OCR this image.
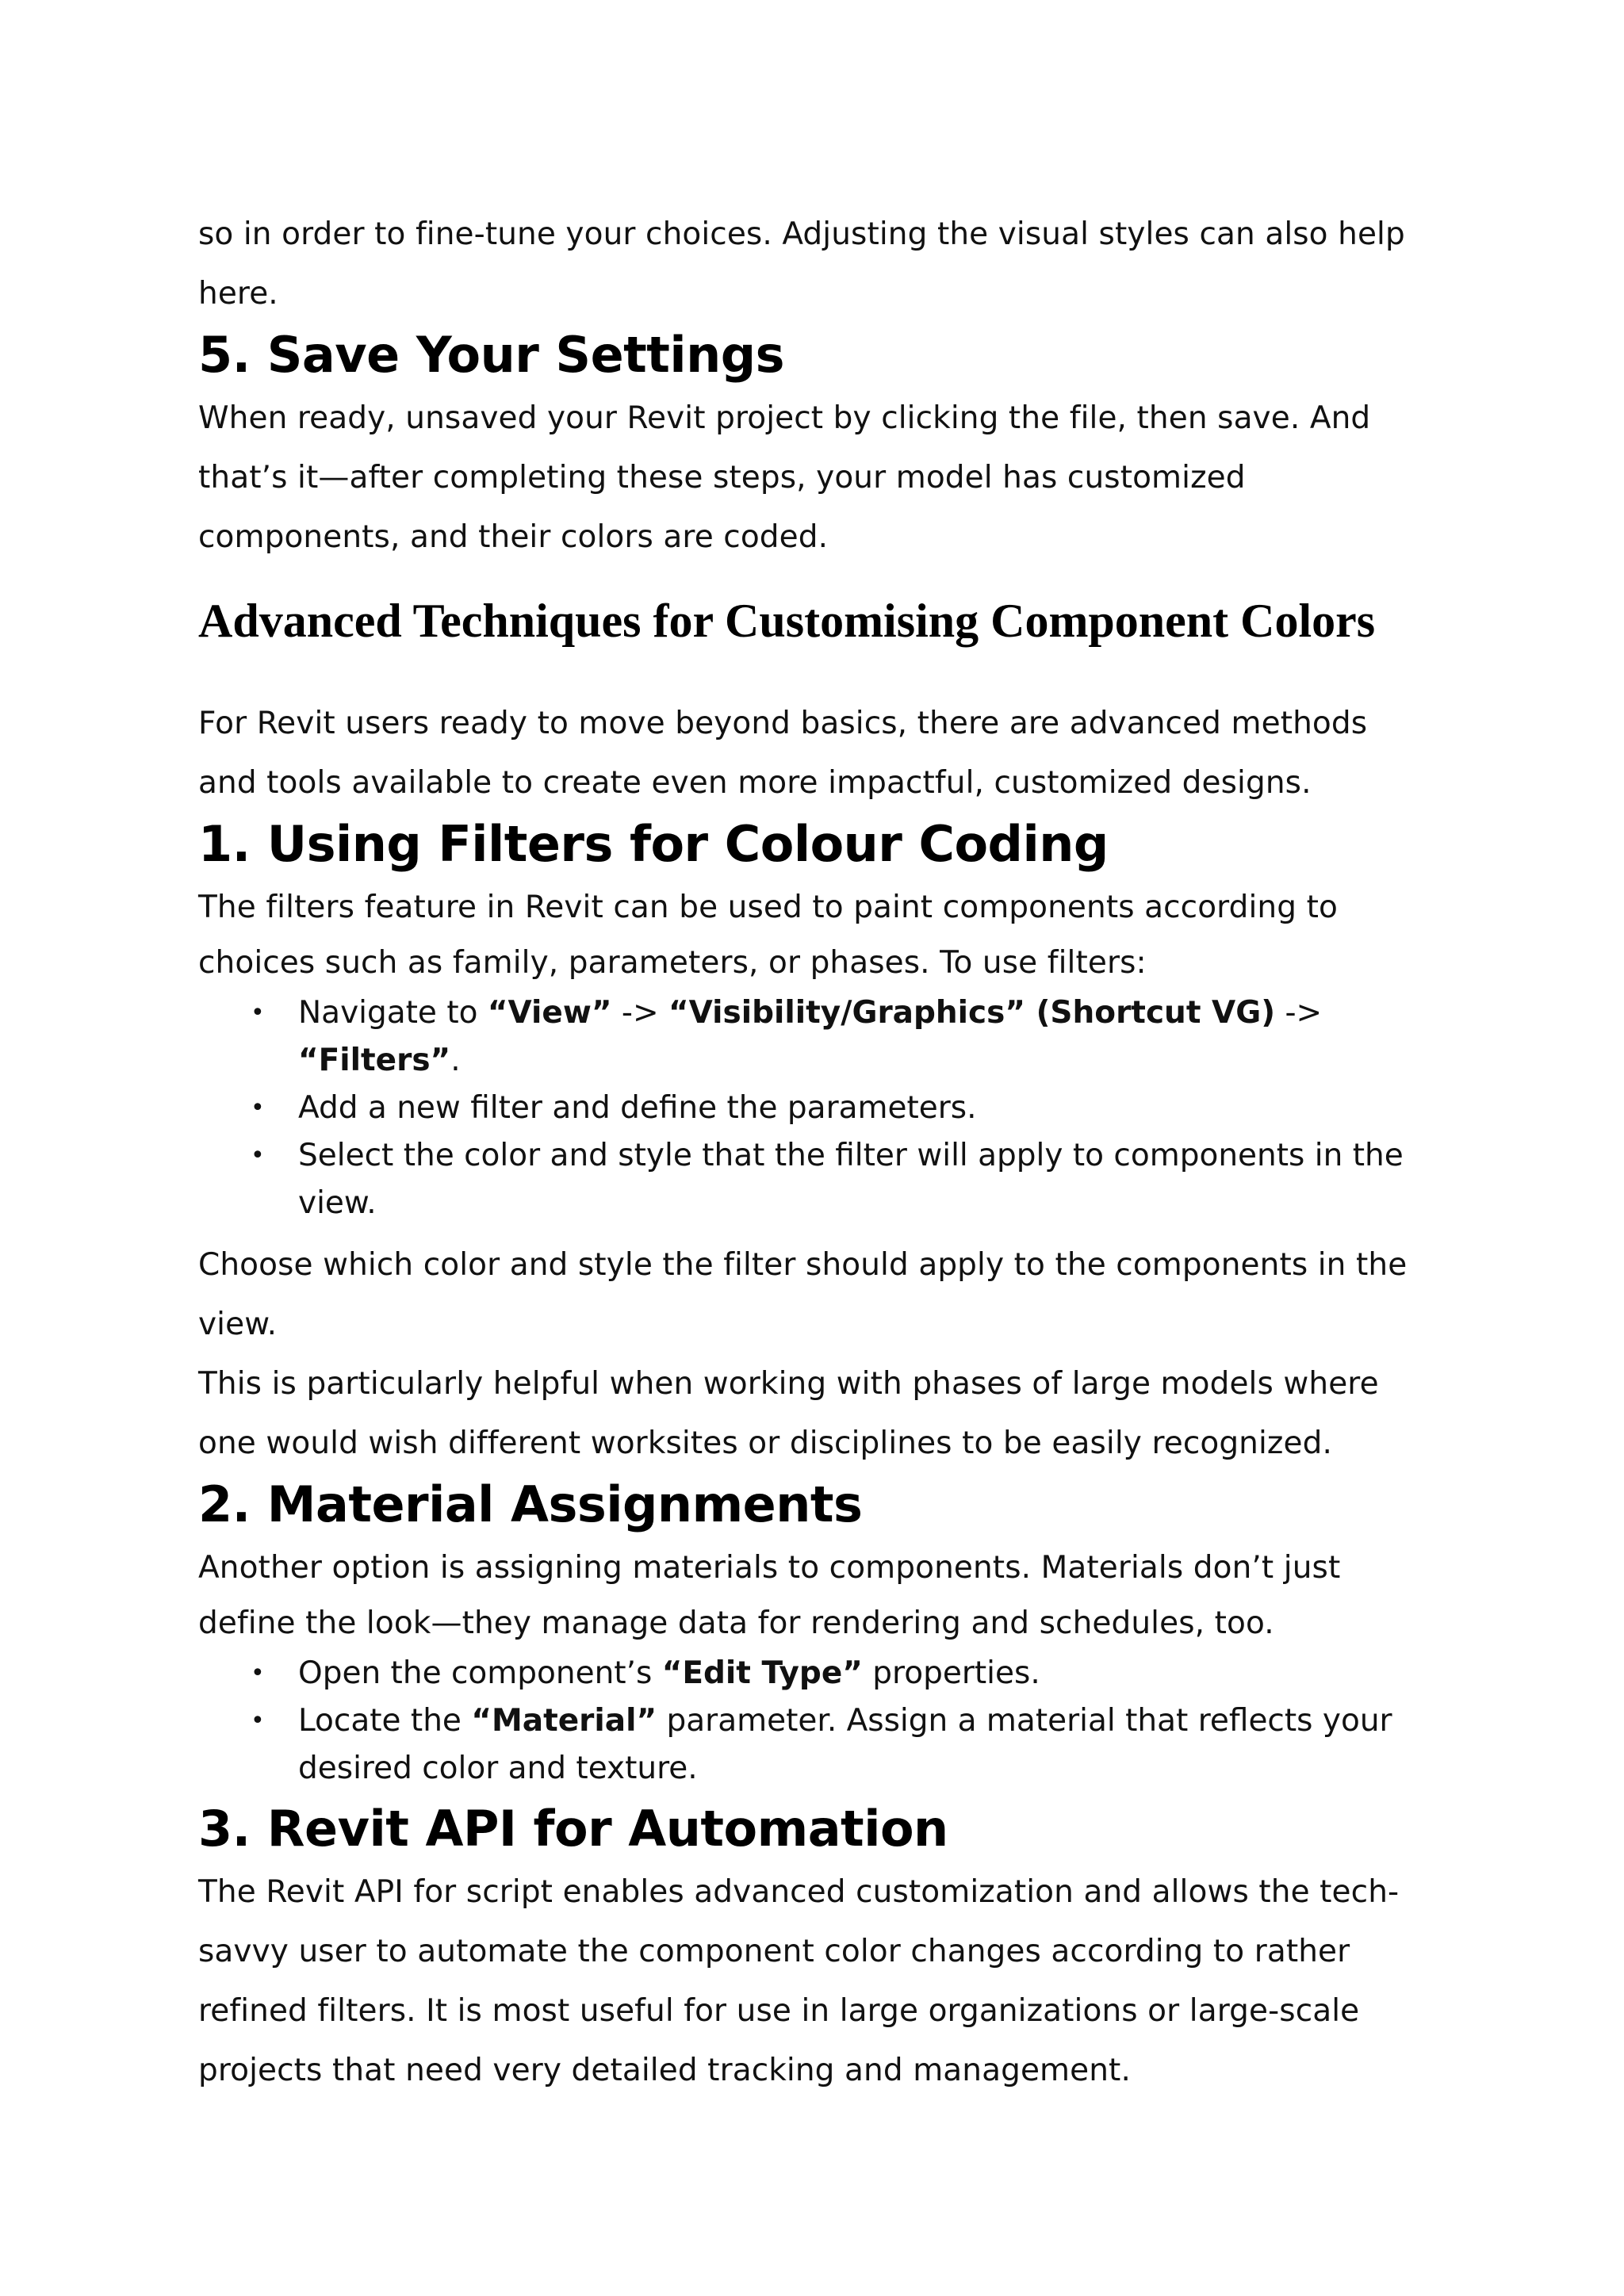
so in order to fine-tune your choices. Adjusting the visual styles can also help

here.

5. Save Your Settings

When ready, unsaved your Revit project by clicking the file, then save. And

that’s it—after completing these steps, your model has customized

components, and their colors are coded.

Advanced Techniques for Customising Component Colors

For Revit users ready to move beyond basics, there are advanced methods

and tools available to create even more impactful, customized designs.

1. Using Filters for Colour Coding

The filters feature in Revit can be used to paint components according to

choices such as family, parameters, or phases. To use filters:

• Navigate to “View” -> “Visibility/Graphics” (Shortcut VG) -> “Filters”.
• Add a new filter and define the parameters.
• Select the color and style that the filter will apply to components in the
view.

Choose which color and style the filter should apply to the components in the

view.

This is particularly helpful when working with phases of large models where

one would wish different worksites or disciplines to be easily recognized.

2. Material Assignments

Another option is assigning materials to components. Materials don’t just

define the look—they manage data for rendering and schedules, too.

• Open the component’s “Edit Type” properties.
• Locate the “Material” parameter. Assign a material that reflects your
desired color and texture.
3. Revit API for Automation

The Revit API for script enables advanced customization and allows the tech-

savvy user to automate the component color changes according to rather

refined filters. It is most useful for use in large organizations or large-scale

projects that need very detailed tracking and management.
